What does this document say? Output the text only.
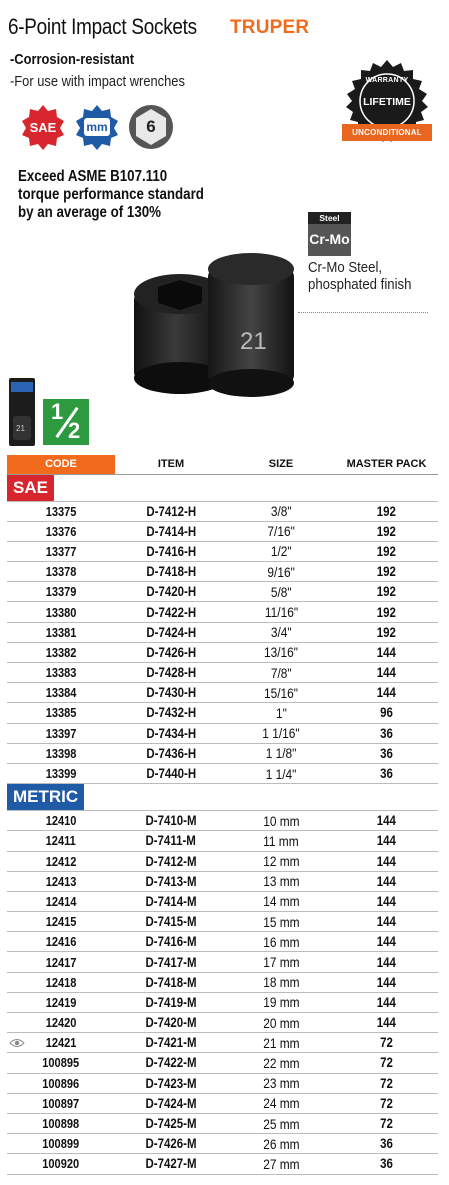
6-Point Impact Sockets TRUPER
-Corrosion-resistant
-For use with impact wrenches
SAE	mm	6
WARRANTY
LIFETIME
UNCONDITIONAL
Exceed ASME B107.110
torque performance standard
by an average of 130%	Steel
Cr-Mo
Cr-Mo Steel,
phosphated finish
21
21
1
2
CODE	ITEM	SIZE	MASTER PACK
SAE			
13375	D-7412-H	3/8"	192
13376	D-7414-H	7/16"	192
13377	D-7416-H	1/2"	192
13378	D-7418-H	9/16"	192
13379	D-7420-H	5/8"	192
13380	D-7422-H	11/16"	192
13381	D-7424-H	3/4"	192
13382	D-7426-H	13/16"	144
13383	D-7428-H	7/8"	144
13384	D-7430-H	15/16"	144
13385	D-7432-H	1"	96
13397	D-7434-H	1 1/16"	36
13398	D-7436-H	1 1/8"	36
13399	D-7440-H	1 1/4"	36
METRIC			
12410	D-7410-M	10 mm	144
12411	D-7411-M	11 mm	144
12412	D-7412-M	12 mm	144
12413	D-7413-M	13 mm	144
12414	D-7414-M	14 mm	144
12415	D-7415-M	15 mm	144
12416	D-7416-M	16 mm	144
12417	D-7417-M	17 mm	144
12418	D-7418-M	18 mm	144
12419	D-7419-M	19 mm	144
12420	D-7420-M	20 mm	144
12421	D-7421-M	21 mm	72
100895	D-7422-M	22 mm	72
100896	D-7423-M	23 mm	72
100897	D-7424-M	24 mm	72
100898	D-7425-M	25 mm	72
100899	D-7426-M	26 mm	36
100920	D-7427-M	27 mm	36
